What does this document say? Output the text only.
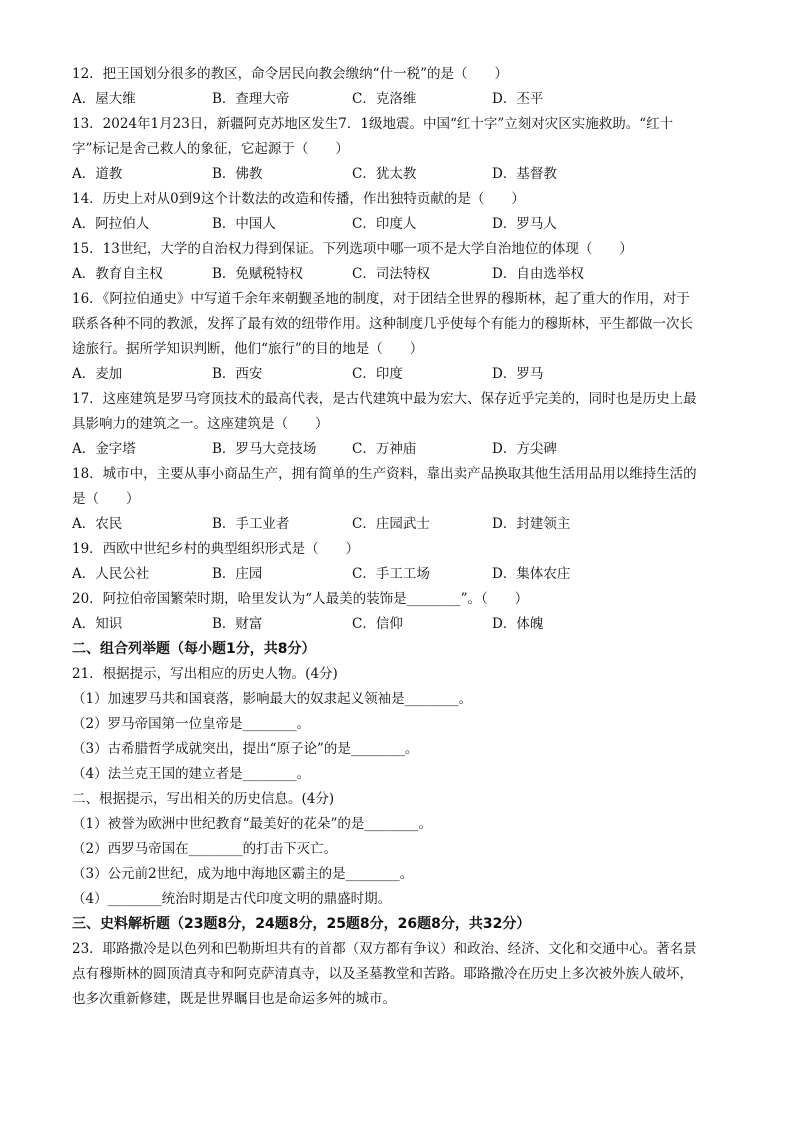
12．把王国划分很多的教区，命令居民向教会缴纳“什一税”的是（　　）
A．屋大维	B．查理大帝	C．克洛维	D．丕平
13．2024年1月23日，新疆阿克苏地区发生7．1级地震。中国“红十字”立刻对灾区实施救助。“红十
字”标记是舍己救人的象征，它起源于（　　）
A．道教	B．佛教	C．犹太教	D．基督教
14．历史上对从0到9这个计数法的改造和传播，作出独特贡献的是（　　）
A．阿拉伯人	B．中国人	C．印度人	D．罗马人
15．13世纪，大学的自治权力得到保证。下列选项中哪一项不是大学自治地位的体现（　　）
A．教育自主权	B．免赋税特权	C．司法特权	D．自由选举权
16．《阿拉伯通史》中写道千余年来朝觐圣地的制度，对于团结全世界的穆斯林，起了重大的作用，对于
联系各种不同的教派，发挥了最有效的纽带作用。这种制度几乎使每个有能力的穆斯林，平生都做一次长
途旅行。据所学知识判断，他们“旅行”的目的地是（　　）
A．麦加	B．西安	C．印度	D．罗马
17．这座建筑是罗马穹顶技术的最高代表，是古代建筑中最为宏大、保存近乎完美的，同时也是历史上最
具影响力的建筑之一。这座建筑是（　　）
A．金字塔	B．罗马大竞技场	C．万神庙	D．方尖碑
18．城市中，主要从事小商品生产，拥有简单的生产资料，靠出卖产品换取其他生活用品用以维持生活的
是（　　）
A．农民	B．手工业者	C．庄园武士	D．封建领主
19．西欧中世纪乡村的典型组织形式是（　　）
A．人民公社	B．庄园	C．手工工场	D．集体农庄
20．阿拉伯帝国繁荣时期，哈里发认为“人最美的装饰是________”。（　　）
A．知识	B．财富	C．信仰	D．体魄
二、组合列举题（每小题1分，共8分）
21．根据提示，写出相应的历史人物。(4分)
（1）加速罗马共和国衰落，影响最大的奴隶起义领袖是________。
（2）罗马帝国第一位皇帝是________。
（3）古希腊哲学成就突出，提出“原子论”的是________。
（4）法兰克王国的建立者是________。
二、根据提示，写出相关的历史信息。(4分)
（1）被誉为欧洲中世纪教育“最美好的花朵”的是________。
（2）西罗马帝国在________的打击下灭亡。
（3）公元前2世纪，成为地中海地区霸主的是________。
（4）________统治时期是古代印度文明的鼎盛时期。
三、史料解析题（23题8分，24题8分，25题8分，26题8分，共32分）
23．耶路撒冷是以色列和巴勒斯坦共有的首都（双方都有争议）和政治、经济、文化和交通中心。著名景
点有穆斯林的圆顶清真寺和阿克萨清真寺，以及圣墓教堂和苦路。耶路撒冷在历史上多次被外族人破坏，
也多次重新修建，既是世界瞩目也是命运多舛的城市。
